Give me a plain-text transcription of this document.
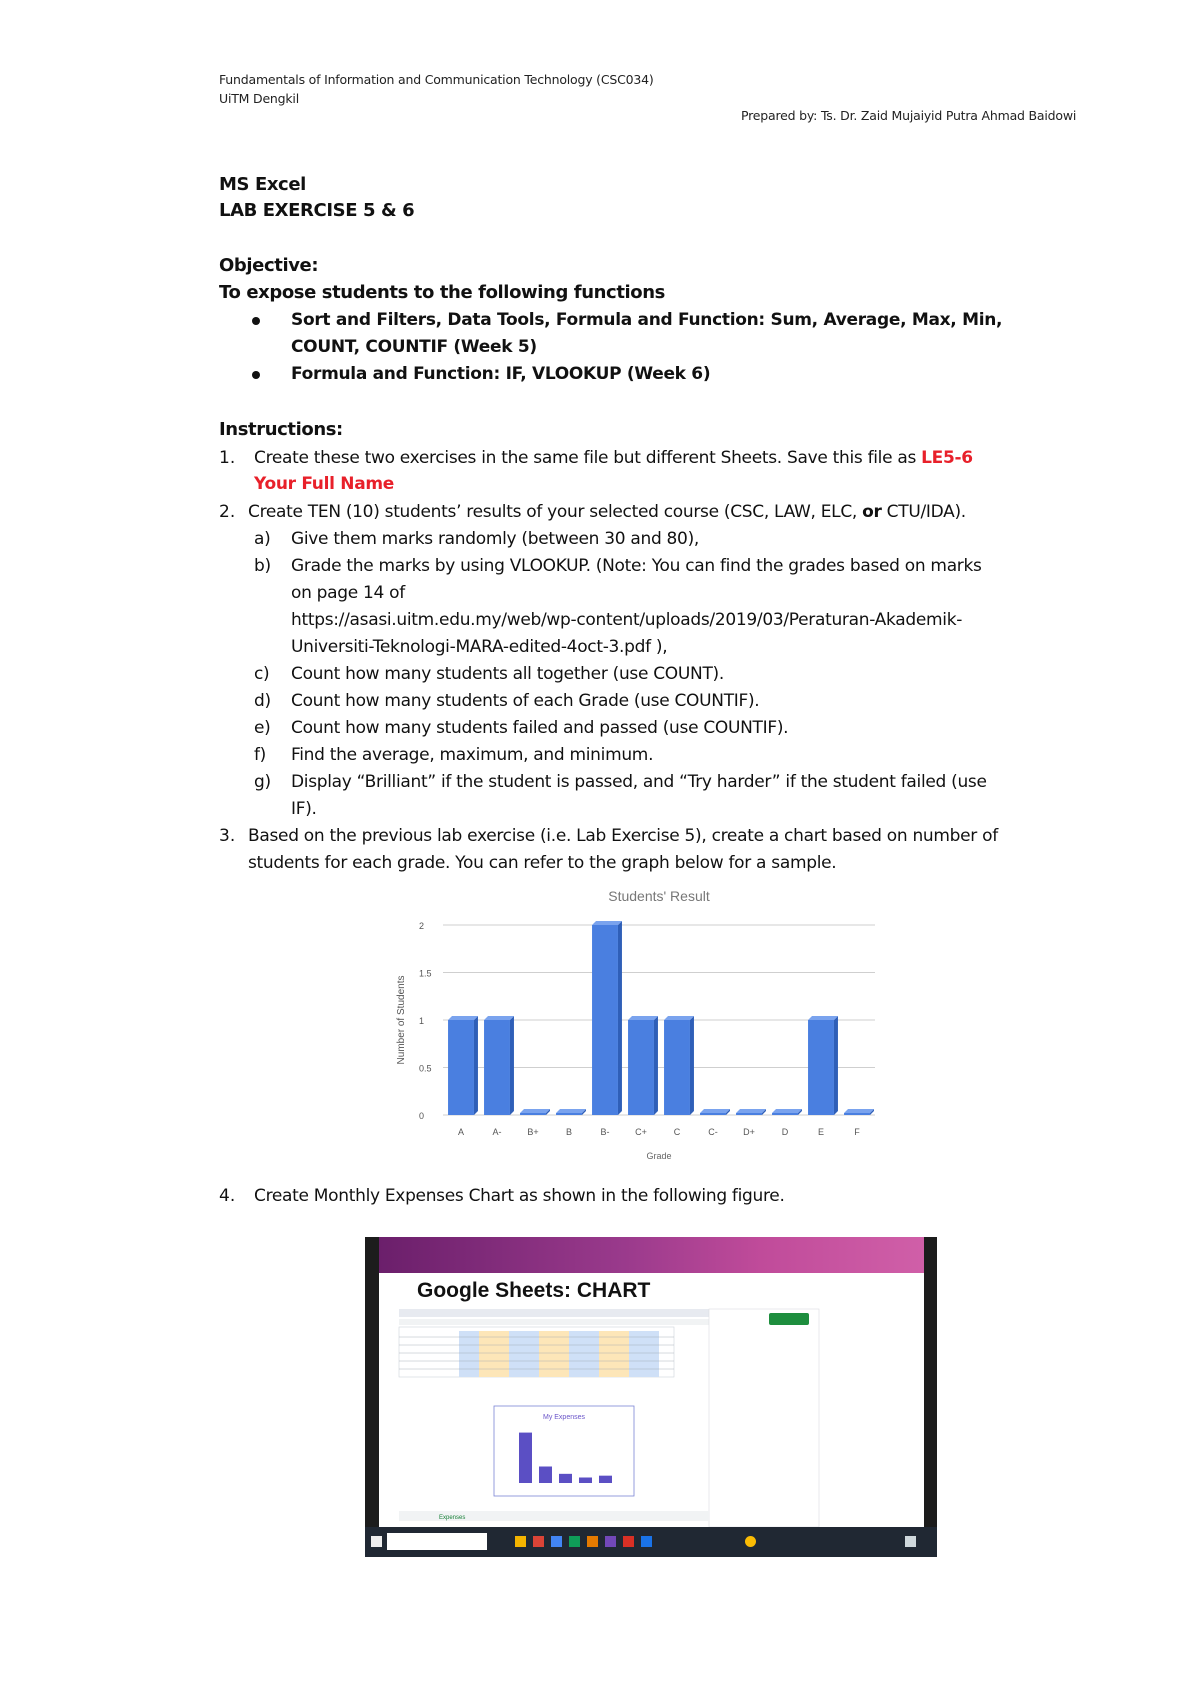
Fundamentals of Information and Communication Technology (CSC034)
UiTM Dengkil
Prepared by: Ts. Dr. Zaid Mujaiyid Putra Ahmad Baidowi
MS Excel
LAB EXERCISE 5 & 6
Objective:
To expose students to the following functions
Sort and Filters, Data Tools, Formula and Function: Sum, Average, Max, Min,
COUNT, COUNTIF (Week 5)
Formula and Function: IF, VLOOKUP (Week 6)
Instructions:
1. Create these two exercises in the same file but different Sheets. Save this file as LE5-6
Your Full Name
2. Create TEN (10) students’ results of your selected course (CSC, LAW, ELC, or CTU/IDA).
a) Give them marks randomly (between 30 and 80),
b) Grade the marks by using VLOOKUP. (Note: You can find the grades based on marks
on page 14 of
https://asasi.uitm.edu.my/web/wp-content/uploads/2019/03/Peraturan-Akademik-
Universiti-Teknologi-MARA-edited-4oct-3.pdf ),
c) Count how many students all together (use COUNT).
d) Count how many students of each Grade (use COUNTIF).
e) Count how many students failed and passed (use COUNTIF).
f) Find the average, maximum, and minimum.
g) Display “Brilliant” if the student is passed, and “Try harder” if the student failed (use
IF).
3. Based on the previous lab exercise (i.e. Lab Exercise 5), create a chart based on number of
students for each grade. You can refer to the graph below for a sample.
Students' Result
0
0.5
1
1.5
2
A	A-	B+	B	B-	C+	C	C-	D+	D	E	F
Grade
Number of Students
4. Create Monthly Expenses Chart as shown in the following figure.
Google Sheets: CHART
My Expenses
Expenses
